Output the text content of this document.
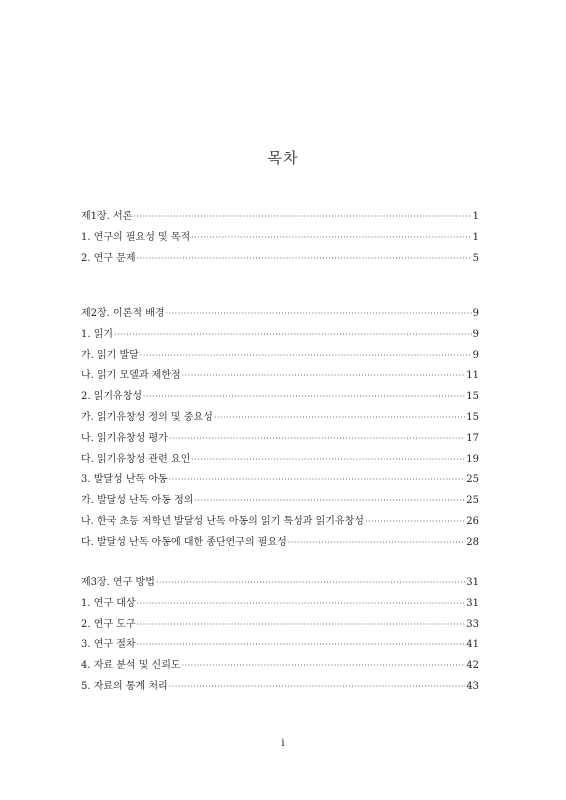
목차
제1장. 서론 ·····	1
1. 연구의 필요성 및 목적 ·····	1
2. 연구 문제 ·····	5
제2장. 이론적 배경 ·····	9
1. 읽기 ·····	9
가. 읽기 발달 ·····	9
나. 읽기 모델과 제한점 ·····	11
2. 읽기유창성 ·····	15
가. 읽기유창성 정의 및 중요성 ·····	15
나. 읽기유창성 평가 ·····	17
다. 읽기유창성 관련 요인 ·····	19
3. 발달성 난독 아동 ·····	25
가. 발달성 난독 아동 정의 ·····	25
나. 한국 초등 저학년 발달성 난독 아동의 읽기 특성과 읽기유창성 ·····	26
다. 발달성 난독 아동에 대한 종단연구의 필요성 ·····	28
제3장. 연구 방법 ·····	31
1. 연구 대상 ·····	31
2. 연구 도구 ·····	33
3. 연구 절차 ·····	41
4. 자료 분석 및 신뢰도 ·····	42
5. 자료의 통계 처리 ·····	43
i
